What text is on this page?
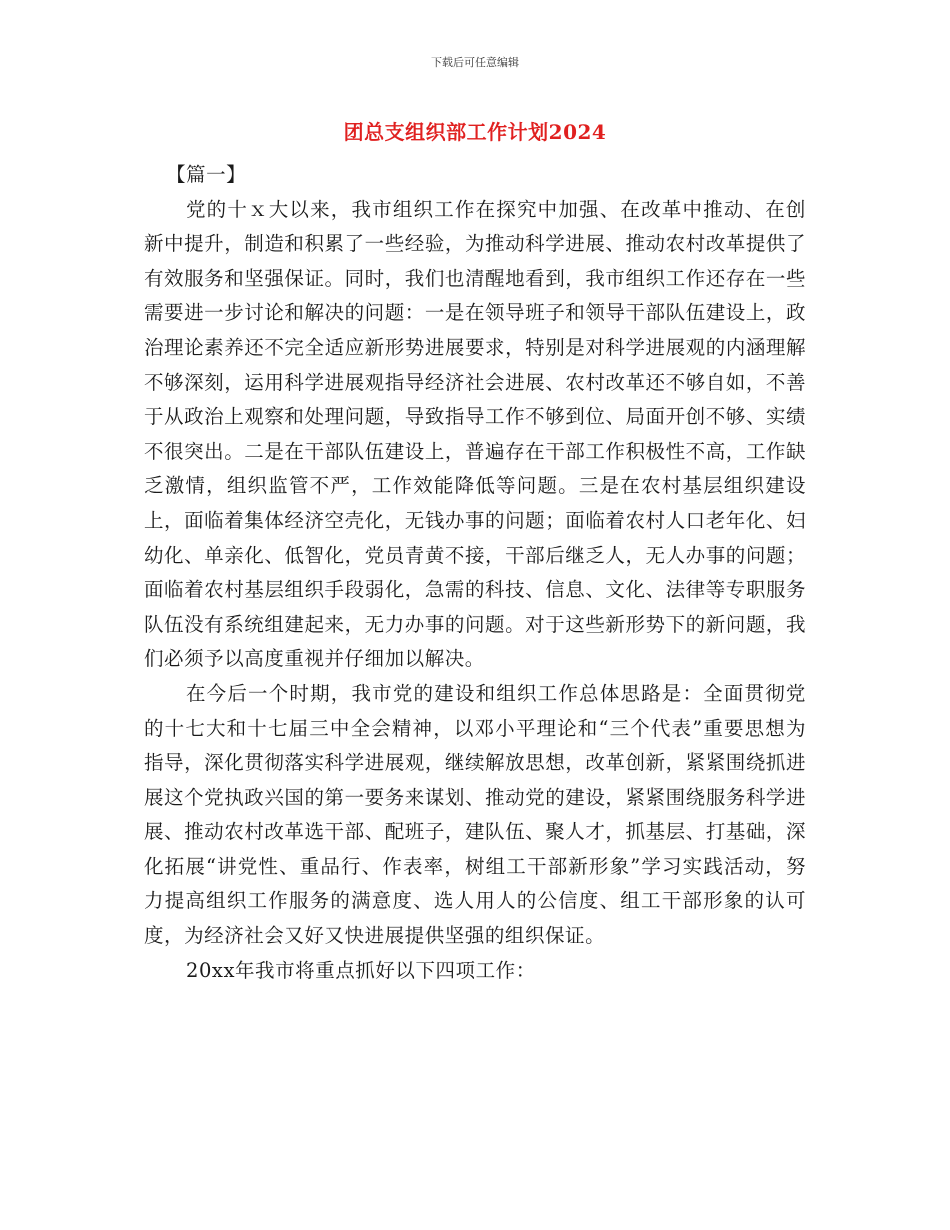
下载后可任意编辑
团总支组织部工作计划2024

【篇一】

党的十ｘ大以来，我市组织工作在探究中加强、在改革中推动、在创新中提升，制造和积累了一些经验，为推动科学进展、推动农村改革提供了有效服务和坚强保证。同时，我们也清醒地看到，我市组织工作还存在一些需要进一步讨论和解决的问题：一是在领导班子和领导干部队伍建设上，政治理论素养还不完全适应新形势进展要求，特别是对科学进展观的内涵理解不够深刻，运用科学进展观指导经济社会进展、农村改革还不够自如，不善于从政治上观察和处理问题，导致指导工作不够到位、局面开创不够、实绩不很突出。二是在干部队伍建设上，普遍存在干部工作积极性不高，工作缺乏激情，组织监管不严，工作效能降低等问题。三是在农村基层组织建设上，面临着集体经济空壳化，无钱办事的问题；面临着农村人口老年化、妇幼化、单亲化、低智化，党员青黄不接，干部后继乏人，无人办事的问题；面临着农村基层组织手段弱化，急需的科技、信息、文化、法律等专职服务队伍没有系统组建起来，无力办事的问题。对于这些新形势下的新问题，我们必须予以高度重视并仔细加以解决。

在今后一个时期，我市党的建设和组织工作总体思路是：全面贯彻党的十七大和十七届三中全会精神，以邓小平理论和“三个代表”重要思想为指导，深化贯彻落实科学进展观，继续解放思想，改革创新，紧紧围绕抓进展这个党执政兴国的第一要务来谋划、推动党的建设，紧紧围绕服务科学进展、推动农村改革选干部、配班子，建队伍、聚人才，抓基层、打基础，深化拓展“讲党性、重品行、作表率，树组工干部新形象”学习实践活动，努力提高组织工作服务的满意度、选人用人的公信度、组工干部形象的认可度，为经济社会又好又快进展提供坚强的组织保证。

20xx年我市将重点抓好以下四项工作：
